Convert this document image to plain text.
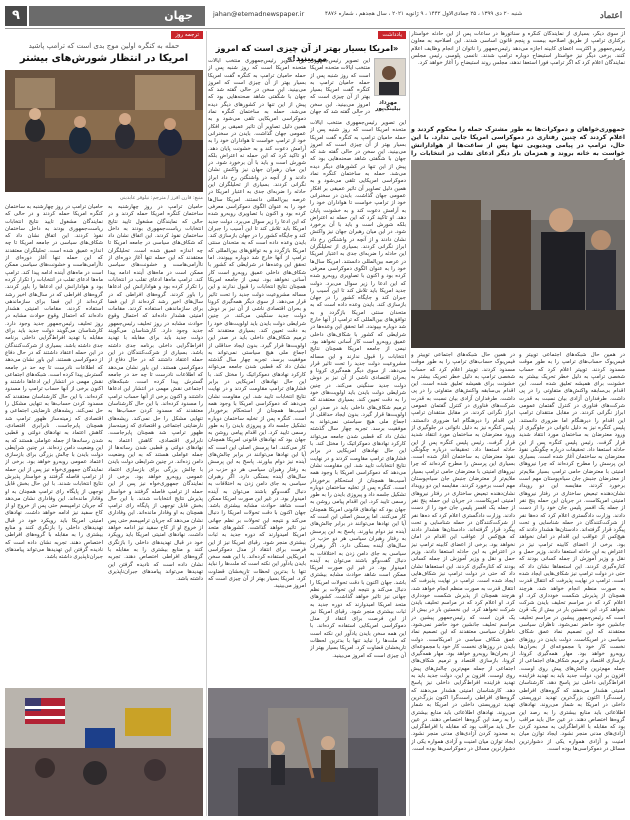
۹	جهان	jahan@etemadnewspaper.ir	شنبه ۲۰ دی ۱۳۹۹ ، ۲۵ جمادی‌الاول ۱۴۴۲ ، ۹ ژانویه ۲۰۲۱ ، سال هجدهم ، شماره ۴۸۷۶	اعتماد
ترجمه روز
حمله به کنگره اولین موج بدی است که ترامپ پاشید
امریکا در انتظار شورش‌های بیشتر
منبع: فارن افرز / مترجم: نیلوفر عابدینی
حامیان ترامپ در روز چهارشنبه به ساختمان کنگره امریکا حمله کردند و در حالی که نمایندگان مشغول تایید نتایج انتخابات ریاست‌جمهوری بودند به داخل ساختمان نفوذ کردند. این اتفاق نشان داد که شکاف‌های سیاسی در جامعه امریکا تا چه اندازه عمیق شده است. تحلیلگران معتقدند که این حمله تنها آغاز دوره‌ای از ناآرامی‌هاست و خشونت‌های سیاسی ممکن است در ماه‌های آینده ادامه پیدا کند. ترامپ ماه‌ها ادعای تقلب در انتخابات را تکرار کرده بود و هوادارانش این ادعاها را باور کردند. گروه‌های افراطی که در سال‌های اخیر رشد کرده‌اند از این فضا برای سازماندهی استفاده کردند. مقامات امنیتی هشدار داده‌اند که احتمال وقوع حوادث مشابه در روز تحلیف رئیس‌جمهور جدید وجود دارد. کارشناسان می‌گویند دولت جدید باید برای مقابله با تهدید افراط‌گرایی داخلی برنامه جدی داشته باشد. بسیاری از شرکت‌کنندگان در این حمله اعتقاد داشتند که در حال دفاع از دموکراسی هستند. این باور نشان می‌دهد که اطلاعات نادرست تا چه حد در جامعه گسترش پیدا کرده است. شبکه‌های اجتماعی نقش مهمی در انتشار این ادعاها داشتند و اکنون برخی از آنها حساب ترامپ را مسدود کرده‌اند. با این حال کارشناسان معتقدند که مسدود کردن حساب‌ها به تنهایی مشکل را حل نمی‌کند. ریشه‌های نارضایتی اجتماعی و اقتصادی که زمینه‌ساز ظهور ترامپ شد همچنان پابرجاست. نابرابری اقتصادی، کاهش اعتماد به نهادهای دولتی و قطبی شدن رسانه‌ها از جمله عواملی هستند که به این وضعیت دامن زده‌اند. در چنین شرایطی دولت بایدن با چالش بزرگی برای بازسازی اعتماد عمومی روبه‌رو خواهد بود. برخی از نمایندگان جمهوری‌خواه نیز پس از این حمله از ترامپ فاصله گرفتند و خواستار پذیرش نتایج انتخابات شدند. با این حال بخش قابل توجهی از پایگاه رای ترامپ همچنان به او وفادار مانده‌اند. این وفاداری نشان می‌دهد که جریان ترامپیسم حتی پس از خروج او از کاخ سفید نیز ادامه خواهد داشت. نهادهای امنیتی امریکا باید رویکرد خود در قبال تهدیدهای داخلی را بازنگری کنند و منابع بیشتری را به مقابله با گروه‌های افراطی اختصاص دهند. تجربه نشان داده است که نادیده گرفتن این تهدیدها می‌تواند پیامدهای جبران‌ناپذیری داشته باشد.
حامیان ترامپ در روز چهارشنبه به ساختمان کنگره امریکا حمله کردند و در حالی که نمایندگان مشغول تایید نتایج انتخابات ریاست‌جمهوری بودند به داخل ساختمان نفوذ کردند. این اتفاق نشان داد که شکاف‌های سیاسی در جامعه امریکا تا چه اندازه عمیق شده است. تحلیلگران معتقدند که این حمله تنها آغاز دوره‌ای از ناآرامی‌هاست و خشونت‌های سیاسی ممکن است در ماه‌های آینده ادامه پیدا کند. ترامپ ماه‌ها ادعای تقلب در انتخابات را تکرار کرده بود و هوادارانش این ادعاها را باور کردند. گروه‌های افراطی که در سال‌های اخیر رشد کرده‌اند از این فضا برای سازماندهی استفاده کردند. مقامات امنیتی هشدار داده‌اند که احتمال وقوع حوادث مشابه در روز تحلیف رئیس‌جمهور جدید وجود دارد. کارشناسان می‌گویند دولت جدید باید برای مقابله با تهدید افراط‌گرایی داخلی برنامه جدی داشته باشد. بسیاری از شرکت‌کنندگان در این حمله اعتقاد داشتند که در حال دفاع از دموکراسی هستند. این باور نشان می‌دهد که اطلاعات نادرست تا چه حد در جامعه گسترش پیدا کرده است. شبکه‌های اجتماعی نقش مهمی در انتشار این ادعاها داشتند و اکنون برخی از آنها حساب ترامپ را مسدود کرده‌اند. با این حال کارشناسان معتقدند که مسدود کردن حساب‌ها به تنهایی مشکل را حل نمی‌کند. ریشه‌های نارضایتی اجتماعی و اقتصادی که زمینه‌ساز ظهور ترامپ شد همچنان پابرجاست. نابرابری اقتصادی، کاهش اعتماد به نهادهای دولتی و قطبی شدن رسانه‌ها از جمله عواملی هستند که به این وضعیت دامن زده‌اند. در چنین شرایطی دولت بایدن با چالش بزرگی برای بازسازی اعتماد عمومی روبه‌رو خواهد بود. برخی از نمایندگان جمهوری‌خواه نیز پس از این حمله از ترامپ فاصله گرفتند و خواستار پذیرش نتایج انتخابات شدند. با این حال بخش قابل توجهی از پایگاه رای ترامپ همچنان به او وفادار مانده‌اند. این وفاداری نشان می‌دهد که جریان ترامپیسم حتی پس از خروج او از کاخ سفید نیز ادامه خواهد داشت. نهادهای امنیتی امریکا باید رویکرد خود در قبال تهدیدهای داخلی را بازنگری کنند و منابع بیشتری را به مقابله با گروه‌های افراطی اختصاص دهند. تجربه نشان داده است که نادیده گرفتن این تهدیدها می‌تواند پیامدهای جبران‌ناپذیری داشته باشد.
یادداشت
«امریکا بسیار بهتر از آن چیزی است که امروز می‌بینید!»
مهرداد بیلینگ‌پور
این تصویر رئیس‌جمهوری منتخب ایالات متحده امریکا است که روز شنبه پس از حمله حامیان ترامپ به کنگره گفت امریکا بسیار بهتر از آن چیزی است که امروز می‌بینید. این سخن در حالی گفته شد که جهان
این تصویر رئیس‌جمهوری منتخب ایالات متحده امریکا است که روز شنبه پس از حمله حامیان ترامپ به کنگره گفت امریکا بسیار بهتر از آن چیزی است که امروز می‌بینید. این سخن در حالی گفته شد که جهان با شگفتی شاهد صحنه‌هایی بود که پیش از این تنها در کشورهای دیگر دیده می‌شد. حمله به ساختمان کنگره نماد دموکراسی امریکایی تلقی می‌شود و به همین دلیل تصاویر آن تاثیر عمیقی بر افکار عمومی جهان گذاشت. بایدن در سخنرانی خود از ترامپ خواست تا هواداران خود را به آرامش دعوت کند و به خشونت پایان دهد. او تاکید کرد که این حمله نه اعتراض بلکه شورش است و باید با آن برخورد شود. در این میان رهبران جهان نیز واکنش نشان دادند و از آنچه در واشنگتن رخ داد ابراز نگرانی کردند. بسیاری از تحلیلگران این حادثه را ضربه‌ای جدی به اعتبار امریکا در عرصه بین‌المللی دانستند. امریکا سال‌ها خود را به عنوان الگوی دموکراسی معرفی کرده بود و اکنون با تصاویری روبه‌رو شده که این ادعا را زیر سوال می‌برد. دولت جدید امریکا باید تلاش کند تا این آسیب را جبران کند و جایگاه کشور را در جهان بازسازی کند. بایدن وعده داده است که به متحدان سنتی امریکا بازگردد و به توافق‌های بین‌المللی که ترامپ از آنها خارج شد دوباره بپیوندد. اما تحقق این وعده‌ها در شرایطی که کشور با شکاف‌های داخلی عمیق روبه‌رو است کار آسانی نخواهد بود. نیمی از جامعه امریکا همچنان نتایج انتخابات را قبول ندارند و این مساله مشروعیت دولت جدید را تحت تاثیر قرار می‌دهد. از سوی دیگر همه‌گیری کرونا و بحران اقتصادی ناشی از آن نیز بر دوش دولت جدید سنگینی می‌کند. در چنین شرایطی دولت بایدن باید اولویت‌های خود را به دقت تعیین کند. بسیاری معتقدند که ترمیم شکاف‌های داخلی باید در صدر این اولویت‌ها قرار گیرد. بدون ایجاد حداقلی از اجماع ملی هیچ سیاستی نمی‌تواند به موفقیت برسد. تجربه چهار سال گذشته نشان داد که قطبی شدن جامعه می‌تواند کارکرد نهادهای دموکراتیک را مختل کند. با این حال نهادهای امریکایی در برابر فشارهای ترامپ مقاومت کردند و در نهایت نتایج انتخابات تایید شد. این مقاومت نشان می‌دهد که دموکراسی امریکا با وجود همه آسیب‌ها همچنان از استحکام برخوردار است. کنگره پس از تخلیه ساختمان دوباره تشکیل جلسه داد و پیروزی بایدن را به طور رسمی تایید کرد. این اقدام پیامی روشن به جهان بود که نهادهای قانونی امریکا همچنان کار می‌کنند. اما پرسش اصلی این است که آیا این نهادها می‌توانند در برابر چالش‌های آینده نیز دوام بیاورند. پاسخ به این پرسش به رفتار رهبران سیاسی هر دو حزب در سال‌های آینده بستگی دارد. اگر رهبران سیاسی به جای دامن زدن به اختلافات به دنبال گفت‌وگو باشند می‌توان به آینده امیدوار بود. در غیر این صورت امریکا ممکن است شاهد حوادث مشابه بیشتری باشد. جهان اکنون با دقت تحولات امریکا را دنبال می‌کند و نتیجه این تحولات بر نظم جهانی نیز تاثیر خواهد گذاشت. کشورهای متحد امریکا امیدوارند که دوره جدید به ثبات بیشتری منجر شود. رقبای امریکا نیز از این فرصت برای انتقاد از مدل دموکراسی امریکایی استفاده کرده‌اند. با این همه سخن بایدن یادآور این نکته است که ملت‌ها را نباید تنها با بدترین لحظات تاریخشان قضاوت کرد. امریکا بسیار بهتر از آن چیزی است که امروز می‌بینید.
این تصویر رئیس‌جمهوری منتخب ایالات متحده امریکا است که روز شنبه پس از حمله حامیان ترامپ به کنگره گفت امریکا بسیار بهتر از آن چیزی است که امروز می‌بینید. این سخن در حالی گفته شد که جهان با شگفتی شاهد صحنه‌هایی بود که پیش از این تنها در کشورهای دیگر دیده می‌شد. حمله به ساختمان کنگره نماد دموکراسی امریکایی تلقی می‌شود و به همین دلیل تصاویر آن تاثیر عمیقی بر افکار عمومی جهان گذاشت. بایدن در سخنرانی خود از ترامپ خواست تا هواداران خود را به آرامش دعوت کند و به خشونت پایان دهد. او تاکید کرد که این حمله نه اعتراض بلکه شورش است و باید با آن برخورد شود. در این میان رهبران جهان نیز واکنش نشان دادند و از آنچه در واشنگتن رخ داد ابراز نگرانی کردند. بسیاری از تحلیلگران این حادثه را ضربه‌ای جدی به اعتبار امریکا در عرصه بین‌المللی دانستند. امریکا سال‌ها خود را به عنوان الگوی دموکراسی معرفی کرده بود و اکنون با تصاویری روبه‌رو شده که این ادعا را زیر سوال می‌برد. دولت جدید امریکا باید تلاش کند تا این آسیب را جبران کند و جایگاه کشور را در جهان بازسازی کند. بایدن وعده داده است که به متحدان سنتی امریکا بازگردد و به توافق‌های بین‌المللی که ترامپ از آنها خارج شد دوباره بپیوندد. اما تحقق این وعده‌ها در شرایطی که کشور با شکاف‌های داخلی عمیق روبه‌رو است کار آسانی نخواهد بود. نیمی از جامعه امریکا همچنان نتایج انتخابات را قبول ندارند و این مساله مشروعیت دولت جدید را تحت تاثیر قرار می‌دهد. از سوی دیگر همه‌گیری کرونا و بحران اقتصادی ناشی از آن نیز بر دوش دولت جدید سنگینی می‌کند. در چنین شرایطی دولت بایدن باید اولویت‌های خود را به دقت تعیین کند. بسیاری معتقدند که ترمیم شکاف‌های داخلی باید در صدر این اولویت‌ها قرار گیرد. بدون ایجاد حداقلی از اجماع ملی هیچ سیاستی نمی‌تواند به موفقیت برسد. تجربه چهار سال گذشته نشان داد که قطبی شدن جامعه می‌تواند کارکرد نهادهای دموکراتیک را مختل کند. با این حال نهادهای امریکایی در برابر فشارهای ترامپ مقاومت کردند و در نهایت نتایج انتخابات تایید شد. این مقاومت نشان می‌دهد که دموکراسی امریکا با وجود همه آسیب‌ها همچنان از استحکام برخوردار است. کنگره پس از تخلیه ساختمان دوباره تشکیل جلسه داد و پیروزی بایدن را به طور رسمی تایید کرد. این اقدام پیامی روشن به جهان بود که نهادهای قانونی امریکا همچنان کار می‌کنند. اما پرسش اصلی این است که آیا این نهادها می‌توانند در برابر چالش‌های آینده نیز دوام بیاورند. پاسخ به این پرسش به رفتار رهبران سیاسی هر دو حزب در سال‌های آینده بستگی دارد. اگر رهبران سیاسی به جای دامن زدن به اختلافات به دنبال گفت‌وگو باشند می‌توان به آینده امیدوار بود. در غیر این صورت امریکا ممکن است شاهد حوادث مشابه بیشتری باشد. جهان اکنون با دقت تحولات امریکا را دنبال می‌کند و نتیجه این تحولات بر نظم جهانی نیز تاثیر خواهد گذاشت. کشورهای متحد امریکا امیدوارند که دوره جدید به ثبات بیشتری منجر شود. رقبای امریکا نیز از این فرصت برای انتقاد از مدل دموکراسی امریکایی استفاده کرده‌اند. با این همه سخن بایدن یادآور این نکته است که ملت‌ها را نباید تنها با بدترین لحظات تاریخشان قضاوت کرد. امریکا بسیار بهتر از آن چیزی است که امروز می‌بینید.
از سوی دیگر، بسیاری از نمایندگان کنگره و سناتورها در ساعات پس از این حادثه خواستار برکناری ترامپ از طریق اصلاحیه بیست و پنجم قانون اساسی شدند. این اصلاحیه به معاون رئیس‌جمهور و اکثریت اعضای کابینه اجازه می‌دهد رئیس‌جمهور را ناتوان از انجام وظایف اعلام کنند. برخی دیگر نیز خواستار استیضاح دوباره ترامپ شدند. نانسی پلوسی رئیس مجلس نمایندگان اعلام کرد که اگر ترامپ فورا استعفا ندهد، مجلس روند استیضاح را آغاز خواهد کرد.
جمهوری‌خواهان و دموکرات‌ها به طور مشترک حمله را محکوم کردند و اعلام کردند که چنین رفتاری در دموکراسی امریکا جایی ندارد. با این حال، ترامپ در پیامی ویدیویی تنها پس از ساعت‌ها از هوادارانش خواست به خانه بروند و همزمان بار دیگر ادعای تقلب در انتخابات را
در همین حال شبکه‌های اجتماعی توییتر و فیس‌بوک حساب‌های ترامپ را به طور موقت مسدود کردند. توییتر اعلام کرد که حساب شخصی ترامپ به دلیل خطر تحریک بیشتر به خشونت برای همیشه تعلیق شده است. این اقدام بی‌سابقه واکنش‌های متفاوتی را در پی داشت. طرفداران آزادی بیان نسبت به قدرت شرکت‌های فناوری در کنترل گفتمان عمومی ابراز نگرانی کردند. در مقابل منتقدان ترامپ این اقدام را دیرهنگام اما ضروری دانستند. پلیس کنگره نیز به دلیل ناتوانی در جلوگیری از ورود معترضان به ساختمان مورد انتقاد شدید قرار گرفت. رئیس پلیس کنگره پس از این حادثه استعفا داد. تحقیقات درباره چگونگی نفوذ معترضان به ساختمان آغاز شده است. بسیاری این پرسش را مطرح کرده‌اند که چرا نیروهای امنیتی با معترضان حامی ترامپ بسیار ملایم‌تر از معترضان جنبش جان سیاه‌پوستان مهم است برخورد کردند. مقایسه این دو رویداد نشان‌دهنده تبعیض ساختاری در رفتار نیروهای امنیتی امریکاست. در جریان این حمله پنج نفر از جمله یک افسر پلیس جان خود را از دست دادند. وزارت دادگستری اعلام کرد که ده‌ها نفر از شرکت‌کنندگان در حمله شناسایی و تحت پیگرد قرار گرفته‌اند. دادستان‌ها هشدار دادند که هیچ‌کس از عواقب این اقدام در امان نخواهد بود. برخی از اعضای کابینه ترامپ نیز در اعتراض به این حادثه استعفا دادند. وزیر حمل و نقل و وزیر آموزش از جمله کسانی بودند که کناره‌گیری کردند. این استعفاها نشان داد که حتی در دولت ترامپ نیز شکاف‌هایی ایجاد شده است. ترامپ در نهایت پذیرفت که انتقال قدرت به صورت منظم انجام خواهد شد، هرچند همچنان از پذیرش شکست خودداری کرد. او اعلام کرد که در مراسم تحلیف بایدن شرکت نخواهد کرد. این نخستین بار در بیش از یک قرن است که رئیس‌جمهور پیشین در مراسم تحلیف جانشین خود حاضر نمی‌شود. ناظران سیاسی معتقدند که این تصمیم نماد عمق شکاف سیاسی در امریکاست. دولت بایدن در روزهای نخست کار خود با مجموعه‌ای از بحران‌ها روبه‌رو خواهد بود. مهار همه‌گیری کرونا، بازسازی اقتصاد و ترمیم شکاف‌های اجتماعی از جمله مهم‌ترین چالش‌های پیش روی اوست. افزون بر این، دولت جدید باید به تهدید فزاینده افراط‌گرایی داخلی نیز پاسخ دهد. کارشناسان امنیتی هشدار می‌دهند که گروه‌های افراطی راست‌گرا اکنون بزرگ‌ترین تهدید تروریستی داخلی در امریکا به شمار می‌روند. نهادهای اطلاعاتی باید منابع بیشتری را به رصد این گروه‌ها اختصاص دهند. در عین حال باید مراقب بود که مقابله با افراط‌گرایی به محدود کردن آزادی‌های مدنی منجر نشود. ایجاد توازن میان امنیت و آزادی همواره یکی از دشوارترین مسائل در دموکراسی‌ها بوده است.
در همین حال شبکه‌های اجتماعی توییتر و فیس‌بوک حساب‌های ترامپ را به طور موقت مسدود کردند. توییتر اعلام کرد که حساب شخصی ترامپ به دلیل خطر تحریک بیشتر به خشونت برای همیشه تعلیق شده است. این اقدام بی‌سابقه واکنش‌های متفاوتی را در پی داشت. طرفداران آزادی بیان نسبت به قدرت شرکت‌های فناوری در کنترل گفتمان عمومی ابراز نگرانی کردند. در مقابل منتقدان ترامپ این اقدام را دیرهنگام اما ضروری دانستند. پلیس کنگره نیز به دلیل ناتوانی در جلوگیری از ورود معترضان به ساختمان مورد انتقاد شدید قرار گرفت. رئیس پلیس کنگره پس از این حادثه استعفا داد. تحقیقات درباره چگونگی نفوذ معترضان به ساختمان آغاز شده است. بسیاری این پرسش را مطرح کرده‌اند که چرا نیروهای امنیتی با معترضان حامی ترامپ بسیار ملایم‌تر از معترضان جنبش جان سیاه‌پوستان مهم است برخورد کردند. مقایسه این دو رویداد نشان‌دهنده تبعیض ساختاری در رفتار نیروهای امنیتی امریکاست. در جریان این حمله پنج نفر از جمله یک افسر پلیس جان خود را از دست دادند. وزارت دادگستری اعلام کرد که ده‌ها نفر از شرکت‌کنندگان در حمله شناسایی و تحت پیگرد قرار گرفته‌اند. دادستان‌ها هشدار دادند که هیچ‌کس از عواقب این اقدام در امان نخواهد بود. برخی از اعضای کابینه ترامپ نیز در اعتراض به این حادثه استعفا دادند. وزیر حمل و نقل و وزیر آموزش از جمله کسانی بودند که کناره‌گیری کردند. این استعفاها نشان داد که حتی در دولت ترامپ نیز شکاف‌هایی ایجاد شده است. ترامپ در نهایت پذیرفت که انتقال قدرت به صورت منظم انجام خواهد شد، هرچند همچنان از پذیرش شکست خودداری کرد. او اعلام کرد که در مراسم تحلیف بایدن شرکت نخواهد کرد. این نخستین بار در بیش از یک قرن است که رئیس‌جمهور پیشین در مراسم تحلیف جانشین خود حاضر نمی‌شود. ناظران سیاسی معتقدند که این تصمیم نماد عمق شکاف سیاسی در امریکاست. دولت بایدن در روزهای نخست کار خود با مجموعه‌ای از بحران‌ها روبه‌رو خواهد بود. مهار همه‌گیری کرونا، بازسازی اقتصاد و ترمیم شکاف‌های اجتماعی از جمله مهم‌ترین چالش‌های پیش روی اوست. افزون بر این، دولت جدید باید به تهدید فزاینده افراط‌گرایی داخلی نیز پاسخ دهد. کارشناسان امنیتی هشدار می‌دهند که گروه‌های افراطی راست‌گرا اکنون بزرگ‌ترین تهدید تروریستی داخلی در امریکا به شمار می‌روند. نهادهای اطلاعاتی باید منابع بیشتری را به رصد این گروه‌ها اختصاص دهند. در عین حال باید مراقب بود که مقابله با افراط‌گرایی به محدود کردن آزادی‌های مدنی منجر نشود. ایجاد توازن میان امنیت و آزادی همواره یکی از دشوارترین مسائل در دموکراسی‌ها بوده است.
